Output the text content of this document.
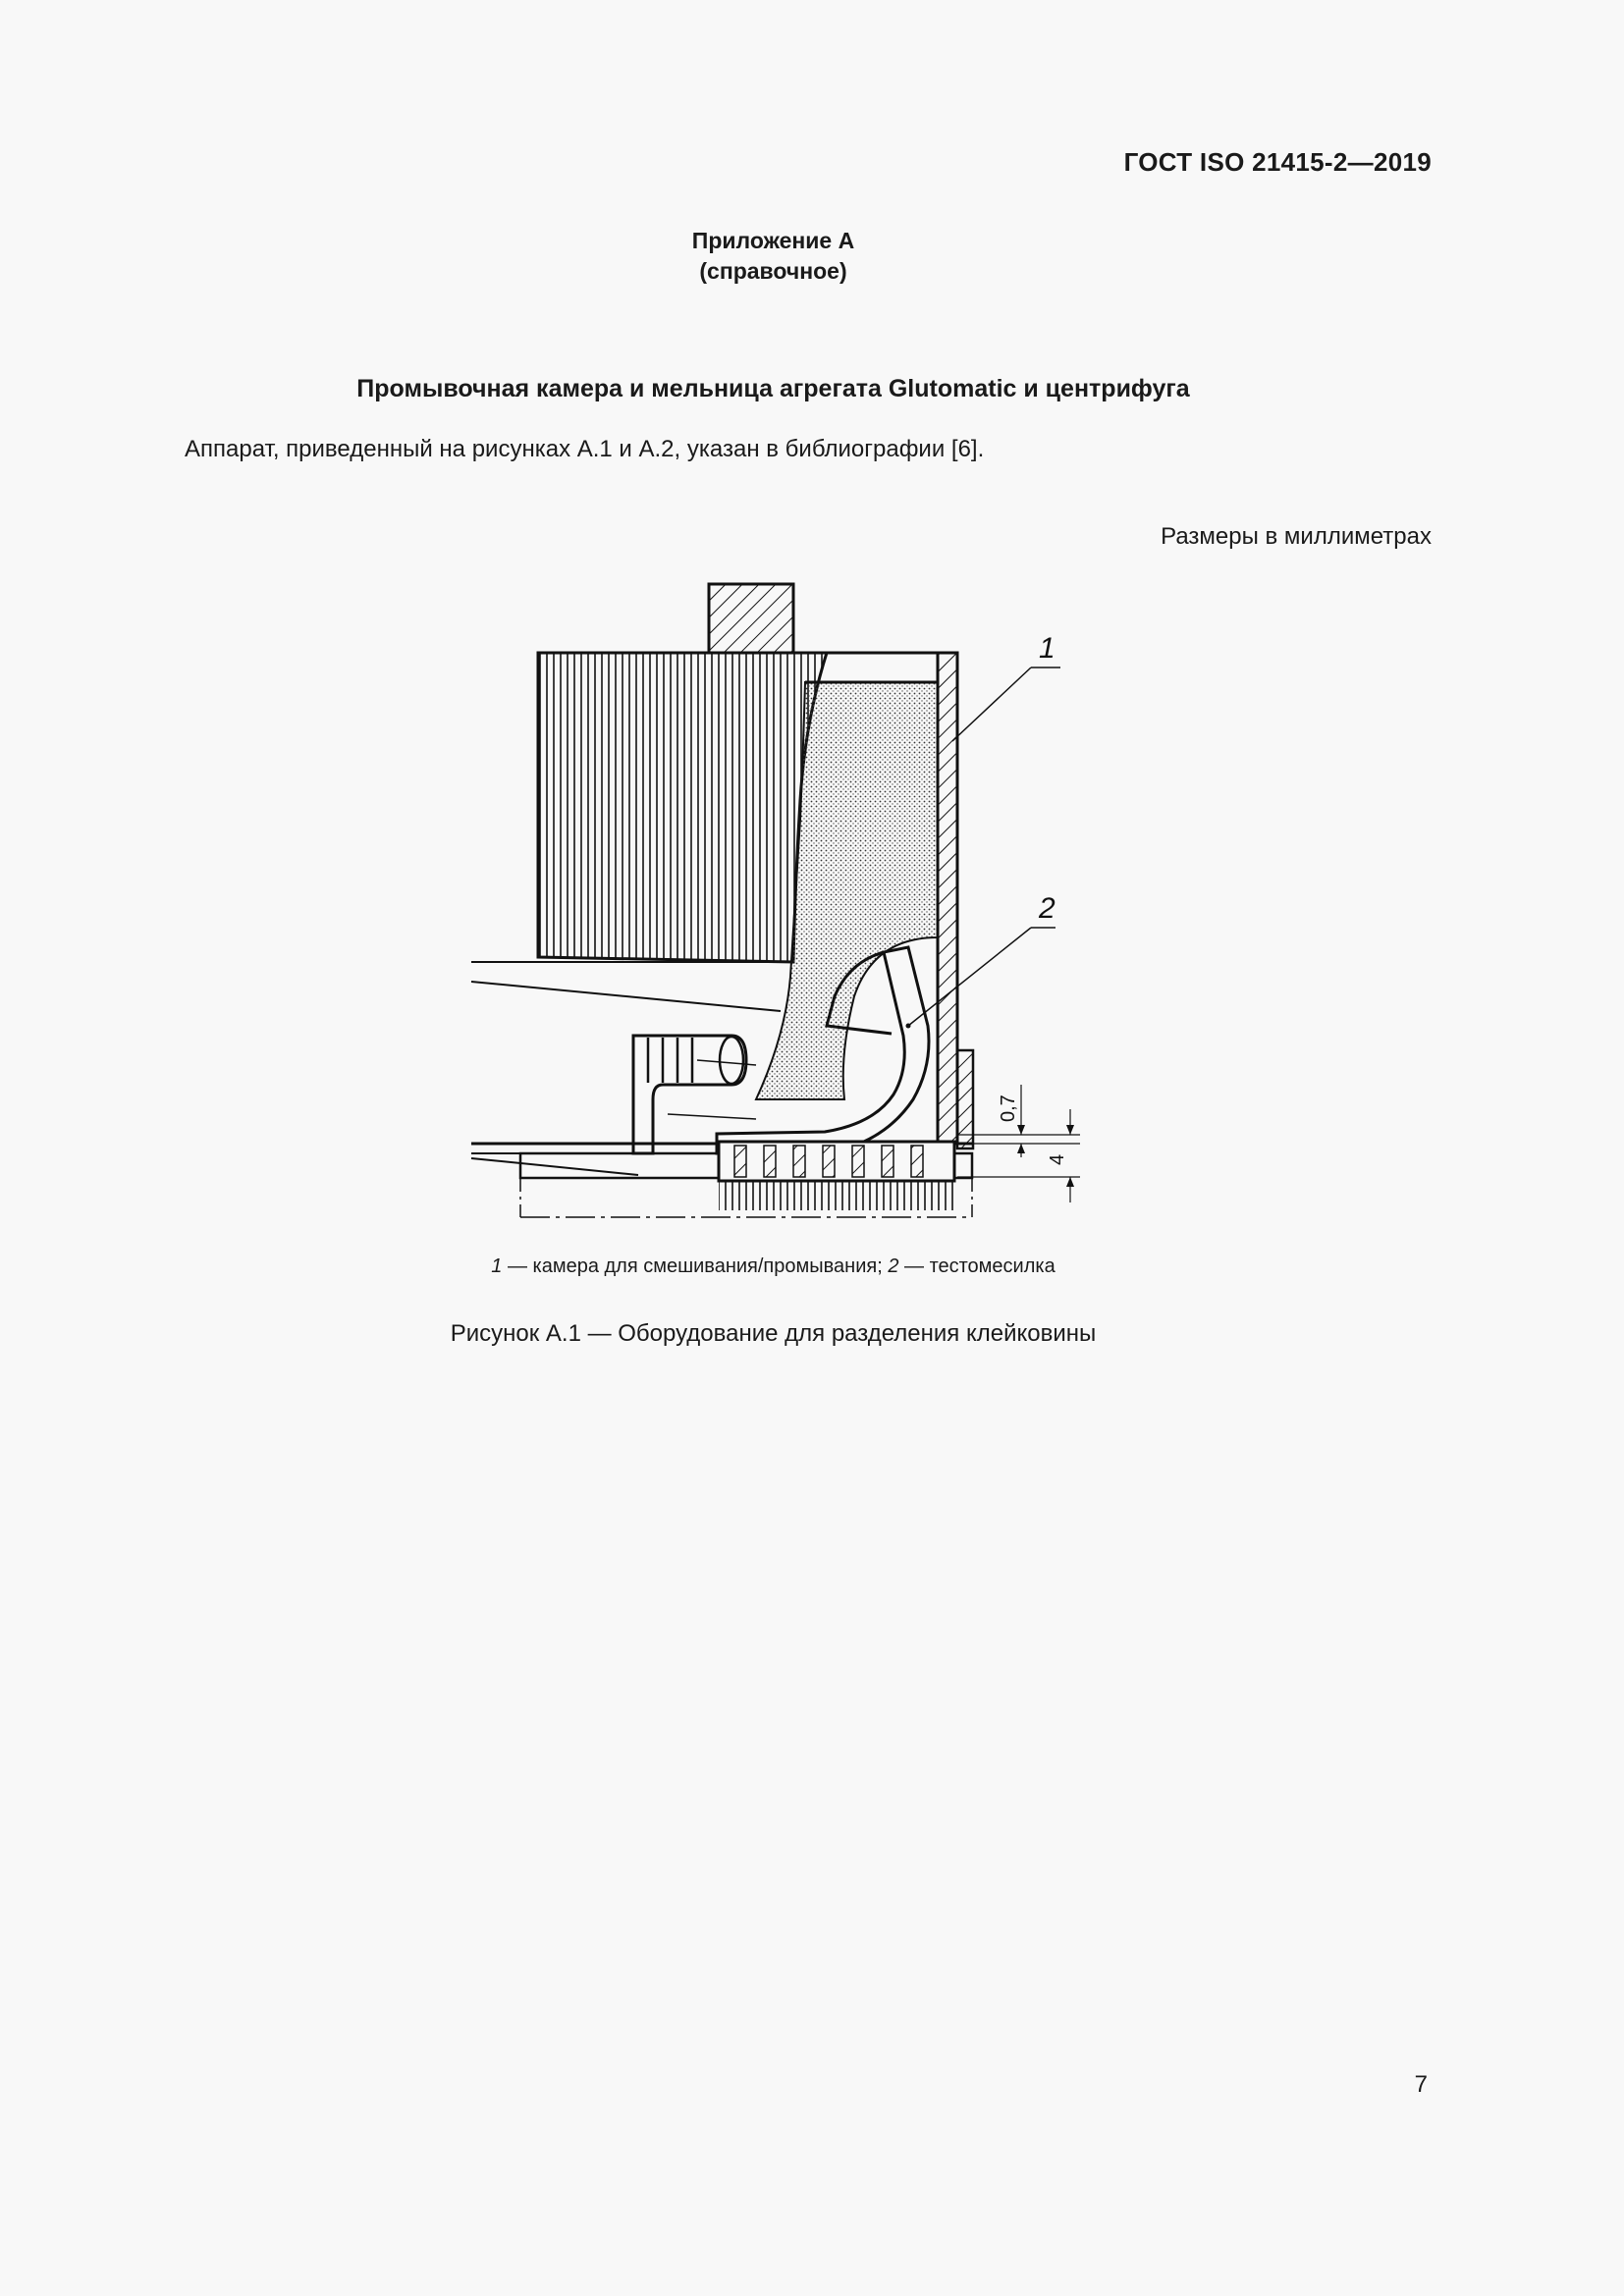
ГОСТ ISO 21415-2—2019
Приложение А
(справочное)
Промывочная камера и мельница агрегата Glutomatic и центрифуга
Аппарат, приведенный на рисунках А.1 и А.2, указан в библиографии [6].
Размеры в миллиметрах
1
2
0,7
4
1 — камера для смешивания/промывания; 2 — тестомесилка
Рисунок А.1 — Оборудование для разделения клейковины
7
